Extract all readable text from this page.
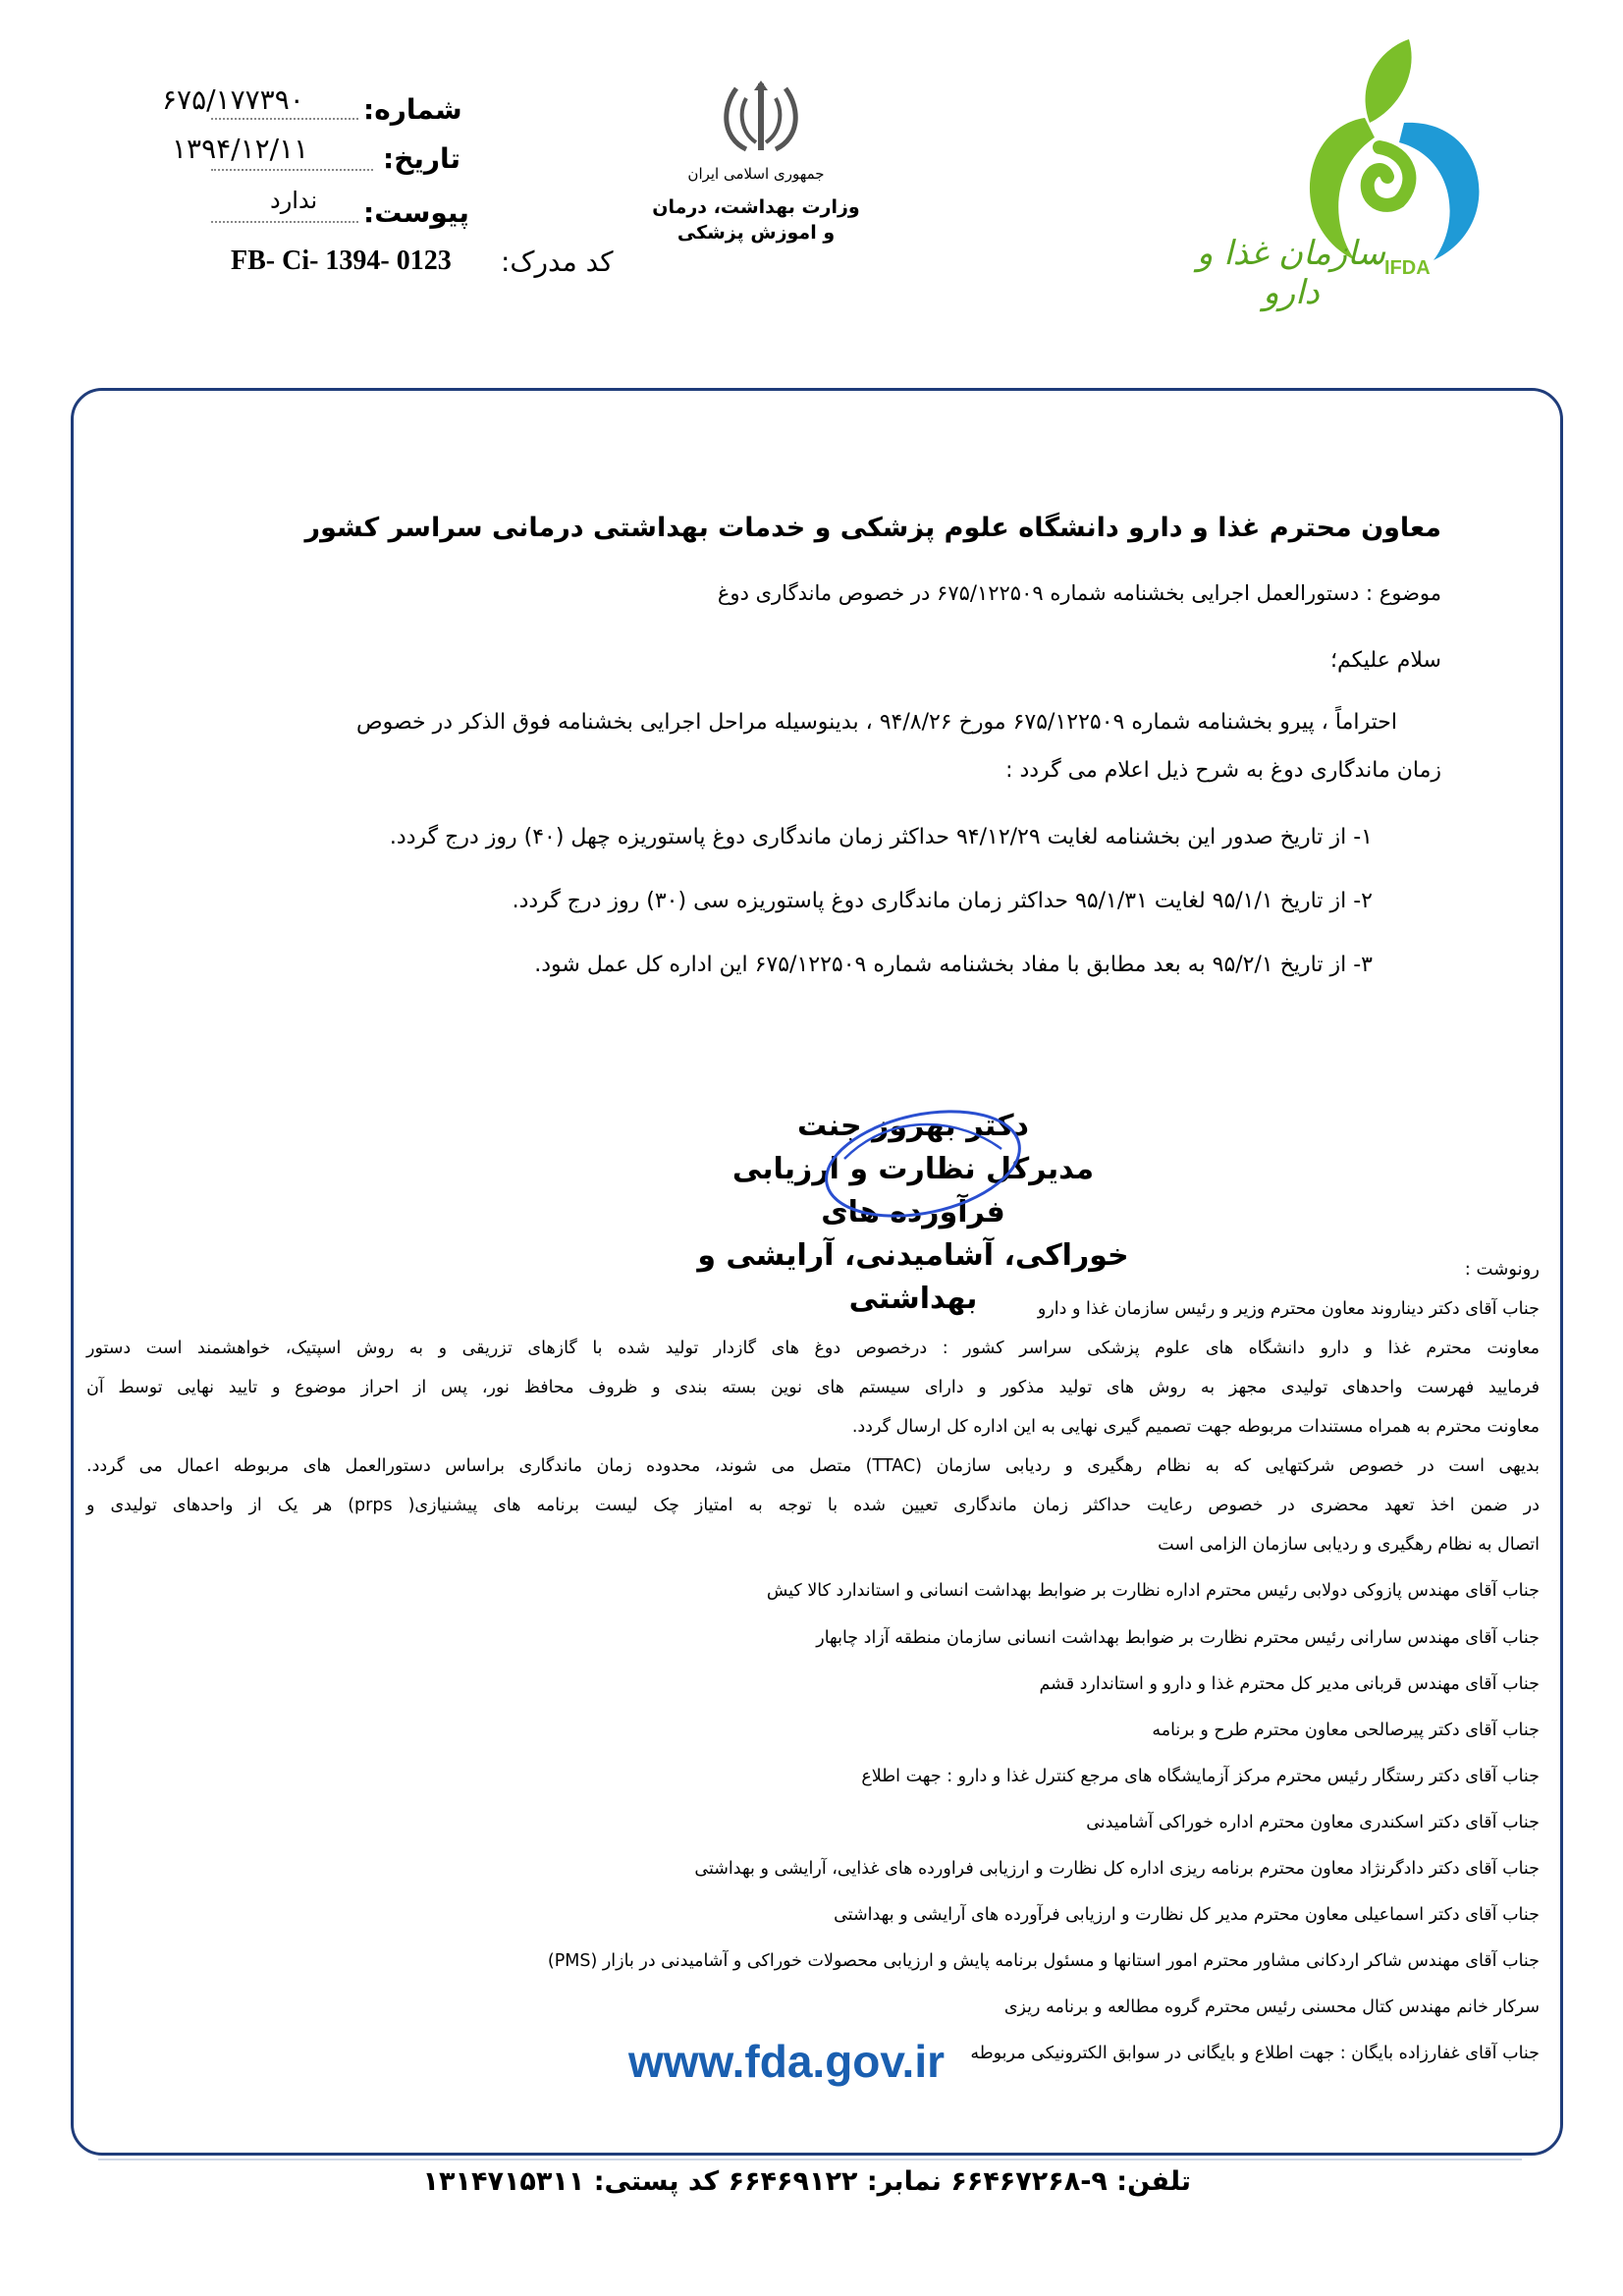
سازمان غذا و دارو
IFDA
جمهوری اسلامی ایران
وزارت بهداشت، درمان
و اموزش پزشکی
شماره:
۶۷۵/۱۷۷۳۹۰
تاریخ:
۱۳۹۴/۱۲/۱۱
پیوست:
ندارد
کد مدرک:
FB- Ci- 1394- 0123
معاون محترم غذا و دارو دانشگاه علوم پزشکی و خدمات بهداشتی درمانی سراسر کشور
موضوع : دستورالعمل اجرایی بخشنامه شماره ۶۷۵/۱۲۲۵۰۹ در خصوص ماندگاری دوغ
سلام علیکم؛
احتراماً ، پیرو بخشنامه شماره ۶۷۵/۱۲۲۵۰۹ مورخ ۹۴/۸/۲۶ ، بدینوسیله مراحل اجرایی بخشنامه فوق الذکر در خصوص
زمان ماندگاری دوغ به شرح ذیل اعلام می گردد :
۱- از تاریخ صدور این بخشنامه لغایت ۹۴/۱۲/۲۹ حداکثر زمان ماندگاری دوغ پاستوریزه چهل (۴۰) روز درج گردد.
۲- از تاریخ ۹۵/۱/۱ لغایت ۹۵/۱/۳۱ حداکثر زمان ماندگاری دوغ پاستوریزه سی (۳۰) روز درج گردد.
۳- از تاریخ ۹۵/۲/۱ به بعد مطابق با مفاد بخشنامه شماره ۶۷۵/۱۲۲۵۰۹ این اداره کل عمل شود.
دکتر بهروز جنت
مدیرکل نظارت و ارزیابی فرآورده های
خوراکی، آشامیدنی، آرایشی و بهداشتی
رونوشت :
جناب آقای دکتر دیناروند معاون محترم وزیر و رئیس سازمان غذا و دارو
معاونت محترم غذا و دارو دانشگاه های علوم پزشکی سراسر کشور : درخصوص دوغ های گازدار تولید شده با گازهای تزریقی و به روش اسپتیک، خواهشمند است دستور
فرمایید فهرست واحدهای تولیدی مجهز به روش های تولید مذکور و دارای سیستم های نوین بسته بندی و ظروف محافظ نور، پس از احراز موضوع و تایید نهایی توسط آن
معاونت محترم به همراه مستندات مربوطه جهت تصمیم گیری نهایی به این اداره کل ارسال گردد.
بدیهی است در خصوص شرکتهایی که به نظام رهگیری و ردیابی سازمان (TTAC) متصل می شوند، محدوده زمان ماندگاری براساس دستورالعمل های مربوطه اعمال می گردد.
در ضمن اخذ تعهد محضری در خصوص رعایت حداکثر زمان ماندگاری تعیین شده با توجه به امتیاز چک لیست برنامه های پیشنیازی( prps) هر یک از واحدهای تولیدی و
اتصال به نظام رهگیری و ردیابی سازمان الزامی است
جناب آقای مهندس پازوکی دولابی رئیس محترم اداره نظارت بر ضوابط بهداشت انسانی و استاندارد کالا کیش
جناب آقای مهندس سارانی رئیس محترم نظارت بر ضوابط بهداشت انسانی سازمان منطقه آزاد چابهار
جناب آقای مهندس قربانی مدیر کل محترم غذا و دارو و استاندارد قشم
جناب آقای دکتر پیرصالحی معاون محترم طرح و برنامه
جناب آقای دکتر رستگار رئیس محترم مرکز آزمایشگاه های مرجع کنترل غذا و دارو : جهت اطلاع
جناب آقای دکتر اسکندری معاون محترم اداره خوراکی آشامیدنی
جناب آقای دکتر دادگرنژاد معاون محترم برنامه ریزی اداره کل نظارت و ارزیابی فراورده های غذایی، آرایشی و بهداشتی
جناب آقای دکتر اسماعیلی معاون محترم مدیر کل نظارت و ارزیابی فرآورده های آرایشی و بهداشتی
جناب آقای مهندس شاکر اردکانی مشاور محترم امور استانها و مسئول برنامه پایش و ارزیابی محصولات خوراکی و آشامیدنی در بازار (PMS)
سرکار خانم مهندس کتال محسنی رئیس محترم گروه مطالعه و برنامه ریزی
جناب آقای غفارزاده بایگان : جهت اطلاع و بایگانی در سوابق الکترونیکی مربوطه
www.fda.gov.ir
تلفن: ۹-۶۶۴۶۷۲۶۸ نمابر: ۶۶۴۶۹۱۲۲ کد پستی: ۱۳۱۴۷۱۵۳۱۱
